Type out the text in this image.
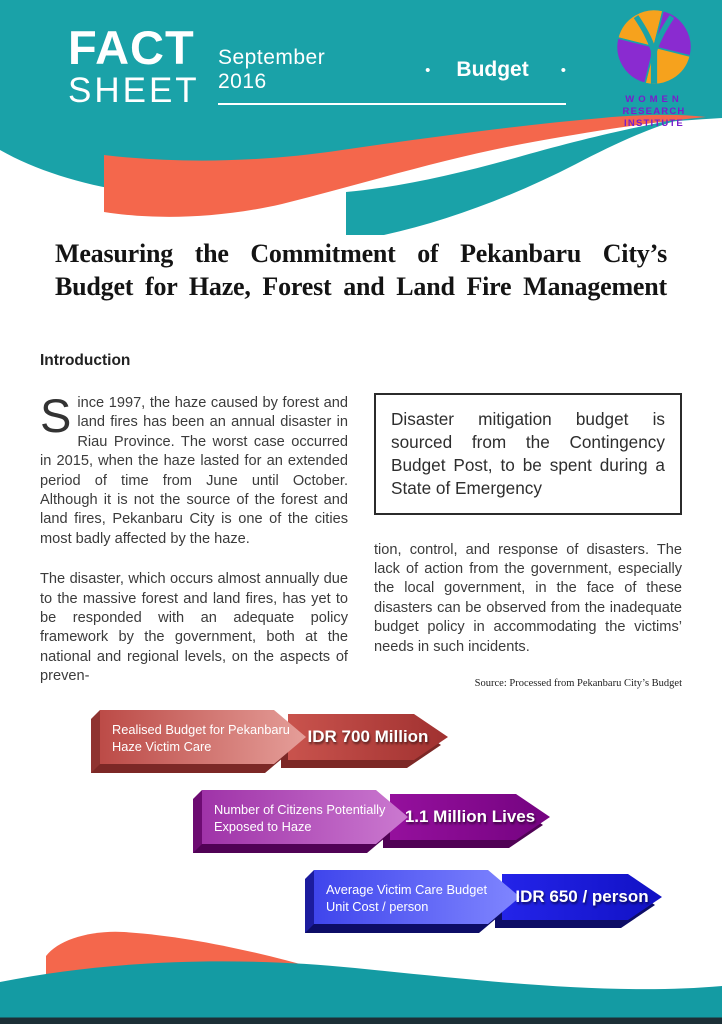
FACT
SHEET
September 2016	• Budget •
WOMEN
RESEARCH
INSTITUTE
Measuring the Commitment of Pekanbaru City’s
Budget for Haze, Forest and Land Fire Management

Introduction

Since 1997, the haze caused by forest and land fires has been an annual disaster in Riau Province. The worst case occurred in 2015, when the haze lasted for an extended period of time from June until October. Although it is not the source of the forest and land fires, Pekanbaru City is one of the cities most badly affected by the haze.

The disaster, which occurs almost annually due to the massive forest and land fires, has yet to be responded with an adequate policy framework by the government, both at the national and regional levels, on the aspects of preven-

Disaster mitigation budget is sourced from the Contingency Budget Post, to be spent during a State of Emergency

tion, control, and response of disasters. The lack of action from the government, especially the local government, in the face of these disasters can be observed from the inadequate budget policy in accommodating the victims’ needs in such incidents.

Source: Processed from Pekanbaru City’s Budget
Realised Budget for Pekanbaru Haze Victim Care
IDR 700 Million
Number of Citizens Potentially Exposed to Haze
1.1 Million Lives
Average Victim Care Budget Unit Cost / person
IDR 650 / person
